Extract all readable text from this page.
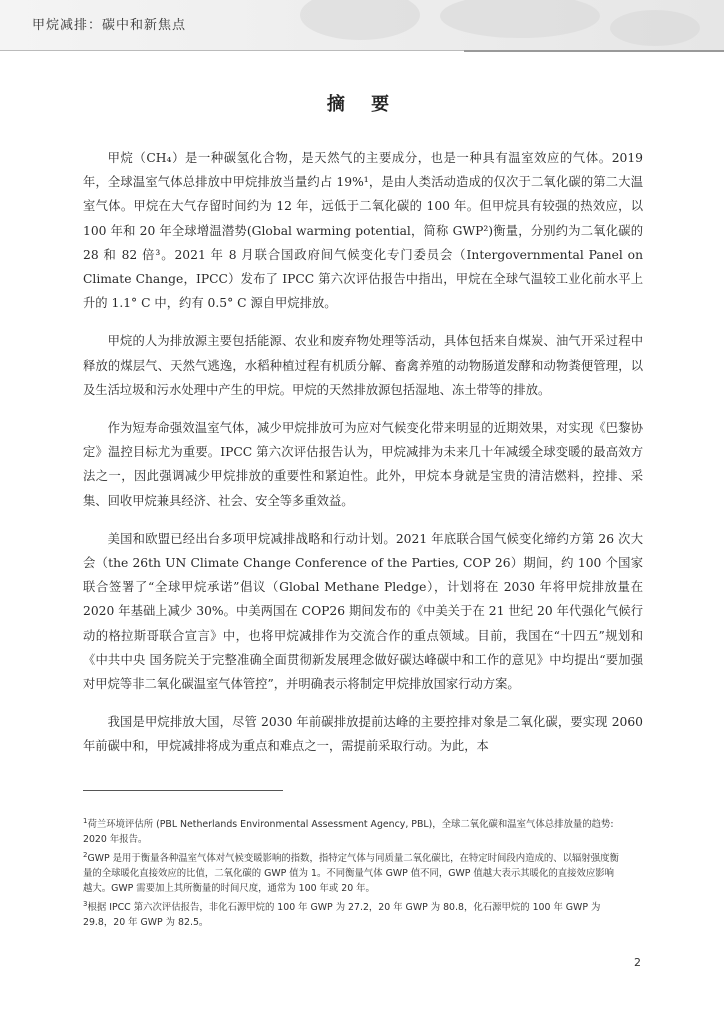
甲烷减排：碳中和新焦点
摘 要

甲烷（CH₄）是一种碳氢化合物，是天然气的主要成分，也是一种具有温室效应的气体。2019 年，全球温室气体总排放中甲烷排放当量约占 19%¹，是由人类活动造成的仅次于二氧化碳的第二大温室气体。甲烷在大气存留时间约为 12 年，远低于二氧化碳的 100 年。但甲烷具有较强的热效应，以 100 年和 20 年全球增温潜势(Global warming potential，简称 GWP²)衡量，分别约为二氧化碳的 28 和 82 倍³。2021 年 8 月联合国政府间气候变化专门委员会（Intergovernmental Panel on Climate Change，IPCC）发布了 IPCC 第六次评估报告中指出，甲烷在全球气温较工业化前水平上升的 1.1° C 中，约有 0.5° C 源自甲烷排放。

甲烷的人为排放源主要包括能源、农业和废弃物处理等活动，具体包括来自煤炭、油气开采过程中释放的煤层气、天然气逃逸，水稻种植过程有机质分解、畜禽养殖的动物肠道发酵和动物粪便管理，以及生活垃圾和污水处理中产生的甲烷。甲烷的天然排放源包括湿地、冻土带等的排放。

作为短寿命强效温室气体，减少甲烷排放可为应对气候变化带来明显的近期效果，对实现《巴黎协定》温控目标尤为重要。IPCC 第六次评估报告认为，甲烷减排为未来几十年减缓全球变暖的最高效方法之一，因此强调减少甲烷排放的重要性和紧迫性。此外，甲烷本身就是宝贵的清洁燃料，控排、采集、回收甲烷兼具经济、社会、安全等多重效益。

美国和欧盟已经出台多项甲烷减排战略和行动计划。2021 年底联合国气候变化缔约方第 26 次大会（the 26th UN Climate Change Conference of the Parties, COP 26）期间，约 100 个国家联合签署了“全球甲烷承诺”倡议（Global Methane Pledge），计划将在 2030 年将甲烷排放量在 2020 年基础上减少 30%。中美两国在 COP26 期间发布的《中美关于在 21 世纪 20 年代强化气候行动的格拉斯哥联合宣言》中，也将甲烷减排作为交流合作的重点领域。目前，我国在“十四五”规划和《中共中央 国务院关于完整准确全面贯彻新发展理念做好碳达峰碳中和工作的意见》中均提出“要加强对甲烷等非二氧化碳温室气体管控”，并明确表示将制定甲烷排放国家行动方案。

我国是甲烷排放大国，尽管 2030 年前碳排放提前达峰的主要控排对象是二氧化碳，要实现 2060 年前碳中和，甲烷减排将成为重点和难点之一，需提前采取行动。为此，本

$^1$荷兰环境评估所 (PBL Netherlands Environmental Assessment Agency, PBL)，全球二氧化碳和温室气体总排放量的趋势: 2020 年报告。
$^2$GWP 是用于衡量各种温室气体对气候变暖影响的指数，指特定气体与同质量二氧化碳比，在特定时间段内造成的、以辐射强度衡量的全球暖化直接效应的比值，二氧化碳的 GWP 值为 1。不同衡量气体 GWP 值不同，GWP 值越大表示其暖化的直接效应影响越大。GWP 需要加上其所衡量的时间尺度，通常为 100 年或 20 年。
$^3$根据 IPCC 第六次评估报告，非化石源甲烷的 100 年 GWP 为 27.2，20 年 GWP 为 80.8，化石源甲烷的 100 年 GWP 为 29.8，20 年 GWP 为 82.5。
2
